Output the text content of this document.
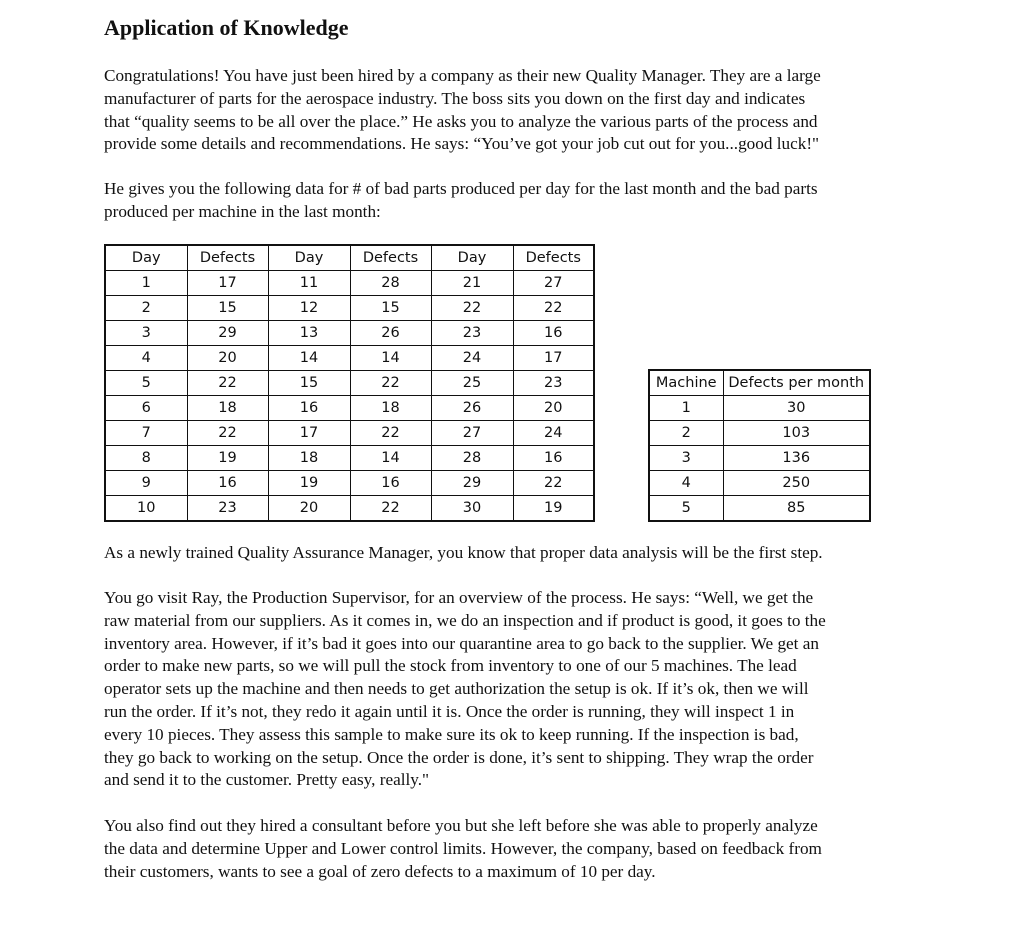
Application of Knowledge
Congratulations! You have just been hired by a company as their new Quality Manager. They are a large
manufacturer of parts for the aerospace industry. The boss sits you down on the first day and indicates
that “quality seems to be all over the place.” He asks you to analyze the various parts of the process and
provide some details and recommendations. He says: “You’ve got your job cut out for you...good luck!"
He gives you the following data for # of bad parts produced per day for the last month and the bad parts
produced per machine in the last month:
Day	Defects	Day	Defects	Day	Defects
1	17	11	28	21	27
2	15	12	15	22	22
3	29	13	26	23	16
4	20	14	14	24	17
5	22	15	22	25	23
6	18	16	18	26	20
7	22	17	22	27	24
8	19	18	14	28	16
9	16	19	16	29	22
10	23	20	22	30	19
Machine	Defects per month
1	30
2	103
3	136
4	250
5	85
As a newly trained Quality Assurance Manager, you know that proper data analysis will be the first step.
You go visit Ray, the Production Supervisor, for an overview of the process. He says: “Well, we get the
raw material from our suppliers. As it comes in, we do an inspection and if product is good, it goes to the
inventory area. However, if it’s bad it goes into our quarantine area to go back to the supplier. We get an
order to make new parts, so we will pull the stock from inventory to one of our 5 machines. The lead
operator sets up the machine and then needs to get authorization the setup is ok. If it’s ok, then we will
run the order. If it’s not, they redo it again until it is. Once the order is running, they will inspect 1 in
every 10 pieces. They assess this sample to make sure its ok to keep running. If the inspection is bad,
they go back to working on the setup. Once the order is done, it’s sent to shipping. They wrap the order
and send it to the customer. Pretty easy, really."
You also find out they hired a consultant before you but she left before she was able to properly analyze
the data and determine Upper and Lower control limits. However, the company, based on feedback from
their customers, wants to see a goal of zero defects to a maximum of 10 per day.
